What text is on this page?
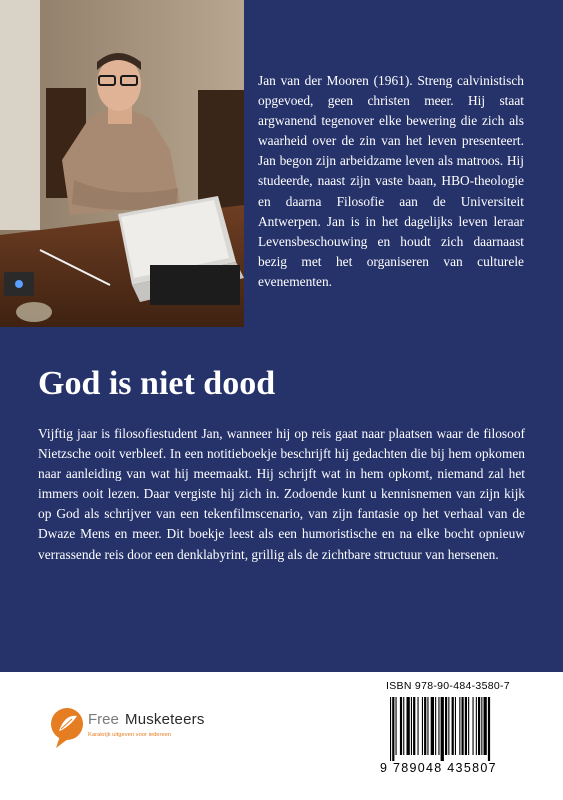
Jan van der Mooren (1961). Streng calvinistisch opgevoed, geen christen meer. Hij staat argwanend tegenover elke bewering die zich als waarheid over de zin van het leven presenteert. Jan begon zijn arbeidzame leven als matroos. Hij studeerde, naast zijn vaste baan, HBO-theologie en daarna Filosofie aan de Universiteit Antwerpen. Jan is in het dagelijks leven leraar Levensbeschouwing en houdt zich daarnaast bezig met het organiseren van culturele evenementen.

God is niet dood

Vijftig jaar is filosofiestudent Jan, wanneer hij op reis gaat naar plaatsen waar de filosoof Nietzsche ooit verbleef. In een notitieboekje beschrijft hij gedachten die bij hem opkomen naar aanleiding van wat hij meemaakt. Hij schrijft wat in hem opkomt, niemand zal het immers ooit lezen. Daar vergiste hij zich in. Zodoende kunt u kennisnemen van zijn kijk op God als schrijver van een tekenfilmscenario, van zijn fantasie op het verhaal van de Dwaze Mens en meer. Dit boekje leest als een humoristische en na elke bocht opnieuw verrassende reis door een denklabyrint, grillig als de zichtbare structuur van hersenen.

Free Musketeers
Karakrijk uitgeven voor iedereen
ISBN 978-90-484-3580-7
9 789048 435807
